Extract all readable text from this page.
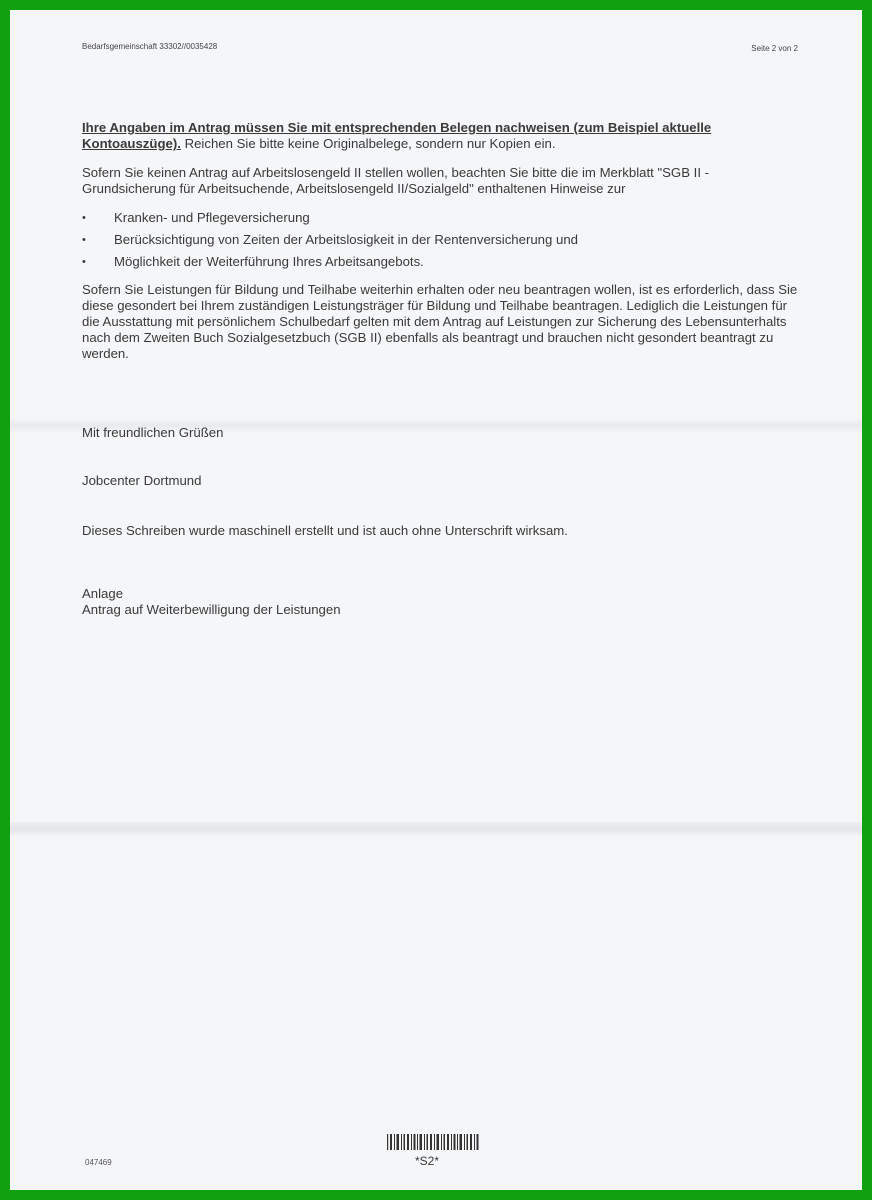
Bedarfsgemeinschaft 33302//0035428	Seite 2 von 2

Ihre Angaben im Antrag müssen Sie mit entsprechenden Belegen nachweisen (zum Beispiel aktuelle Kontoauszüge). Reichen Sie bitte keine Originalbelege, sondern nur Kopien ein.

Sofern Sie keinen Antrag auf Arbeitslosengeld II stellen wollen, beachten Sie bitte die im Merkblatt "SGB II - Grundsicherung für Arbeitsuchende, Arbeitslosengeld II/Sozialgeld" enthaltenen Hinweise zur

• Kranken- und Pflegeversicherung
• Berücksichtigung von Zeiten der Arbeitslosigkeit in der Rentenversicherung und
• Möglichkeit der Weiterführung Ihres Arbeitsangebots.

Sofern Sie Leistungen für Bildung und Teilhabe weiterhin erhalten oder neu beantragen wollen, ist es erforderlich, dass Sie diese gesondert bei Ihrem zuständigen Leistungsträger für Bildung und Teilhabe beantragen. Lediglich die Leistungen für die Ausstattung mit persönlichem Schulbedarf gelten mit dem Antrag auf Leistungen zur Sicherung des Lebensunterhalts nach dem Zweiten Buch Sozialgesetzbuch (SGB II) ebenfalls als beantragt und brauchen nicht gesondert beantragt zu werden.

Mit freundlichen Grüßen
Jobcenter Dortmund
Dieses Schreiben wurde maschinell erstellt und ist auch ohne Unterschrift wirksam.
Anlage
Antrag auf Weiterbewilligung der Leistungen
*S2*
047469
